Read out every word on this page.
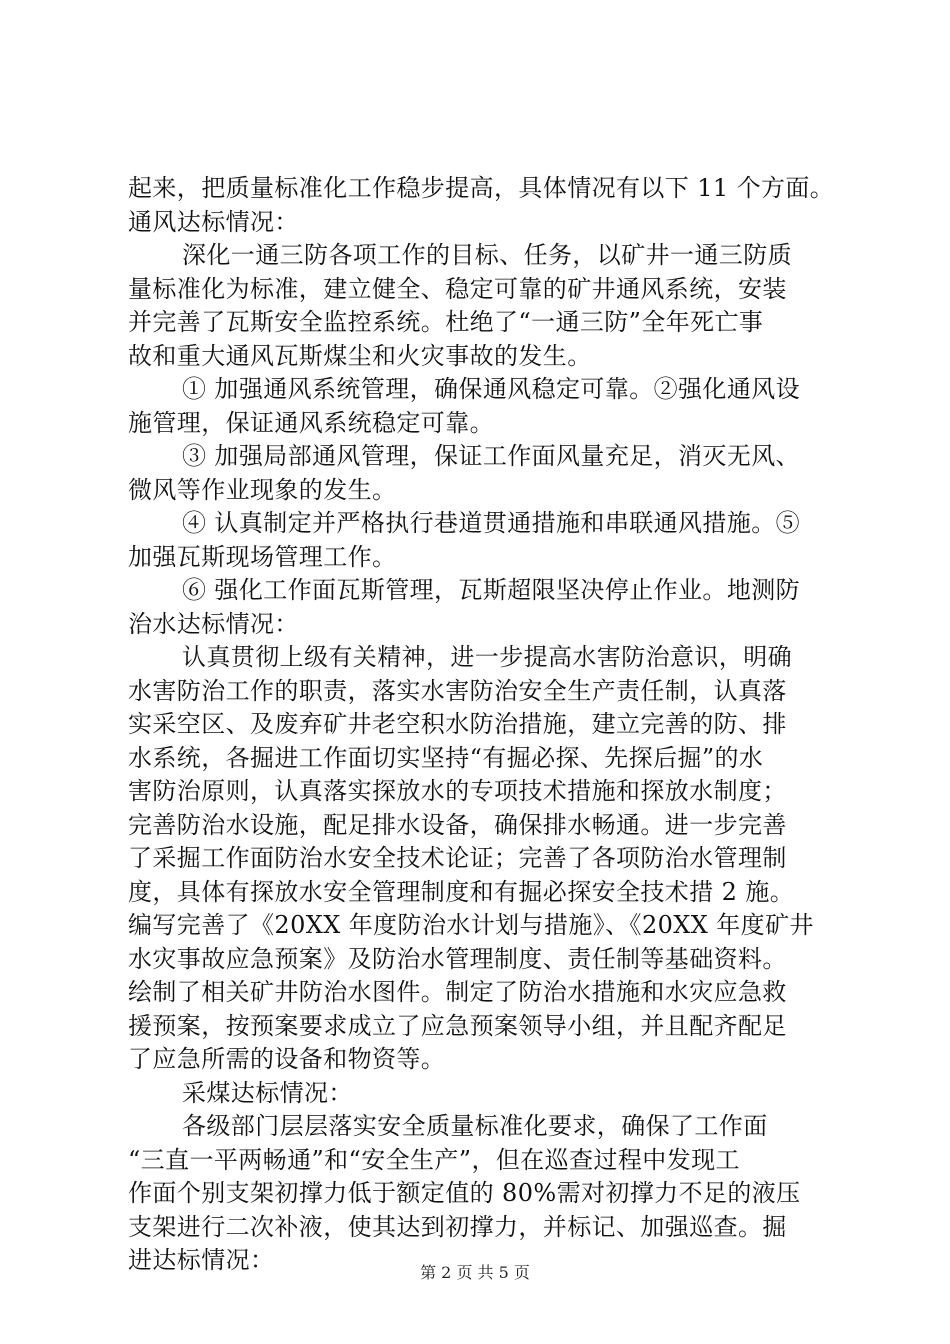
起来，把质量标准化工作稳步提高，具体情况有以下 11 个方面。
通风达标情况：
深化一通三防各项工作的目标、任务，以矿井一通三防质
量标准化为标准，建立健全、稳定可靠的矿井通风系统，安装
并完善了瓦斯安全监控系统。杜绝了“一通三防”全年死亡事
故和重大通风瓦斯煤尘和火灾事故的发生。
① 加强通风系统管理，确保通风稳定可靠。②强化通风设
施管理，保证通风系统稳定可靠。
③ 加强局部通风管理，保证工作面风量充足，消灭无风、
微风等作业现象的发生。
④ 认真制定并严格执行巷道贯通措施和串联通风措施。⑤
加强瓦斯现场管理工作。
⑥ 强化工作面瓦斯管理，瓦斯超限坚决停止作业。地测防
治水达标情况：
认真贯彻上级有关精神，进一步提高水害防治意识，明确
水害防治工作的职责，落实水害防治安全生产责任制，认真落
实采空区、及废弃矿井老空积水防治措施，建立完善的防、排
水系统，各掘进工作面切实坚持“有掘必探、先探后掘”的水
害防治原则，认真落实探放水的专项技术措施和探放水制度；
完善防治水设施，配足排水设备，确保排水畅通。进一步完善
了采掘工作面防治水安全技术论证；完善了各项防治水管理制
度，具体有探放水安全管理制度和有掘必探安全技术措 2 施。
编写完善了《20XX 年度防治水计划与措施》、《20XX 年度矿井
水灾事故应急预案》及防治水管理制度、责任制等基础资料。
绘制了相关矿井防治水图件。制定了防治水措施和水灾应急救
援预案，按预案要求成立了应急预案领导小组，并且配齐配足
了应急所需的设备和物资等。
采煤达标情况：
各级部门层层落实安全质量标准化要求，确保了工作面
“三直一平两畅通”和“安全生产”，但在巡查过程中发现工
作面个别支架初撑力低于额定值的 80%需对初撑力不足的液压
支架进行二次补液，使其达到初撑力，并标记、加强巡查。掘
进达标情况：	第 2 页 共 5 页
